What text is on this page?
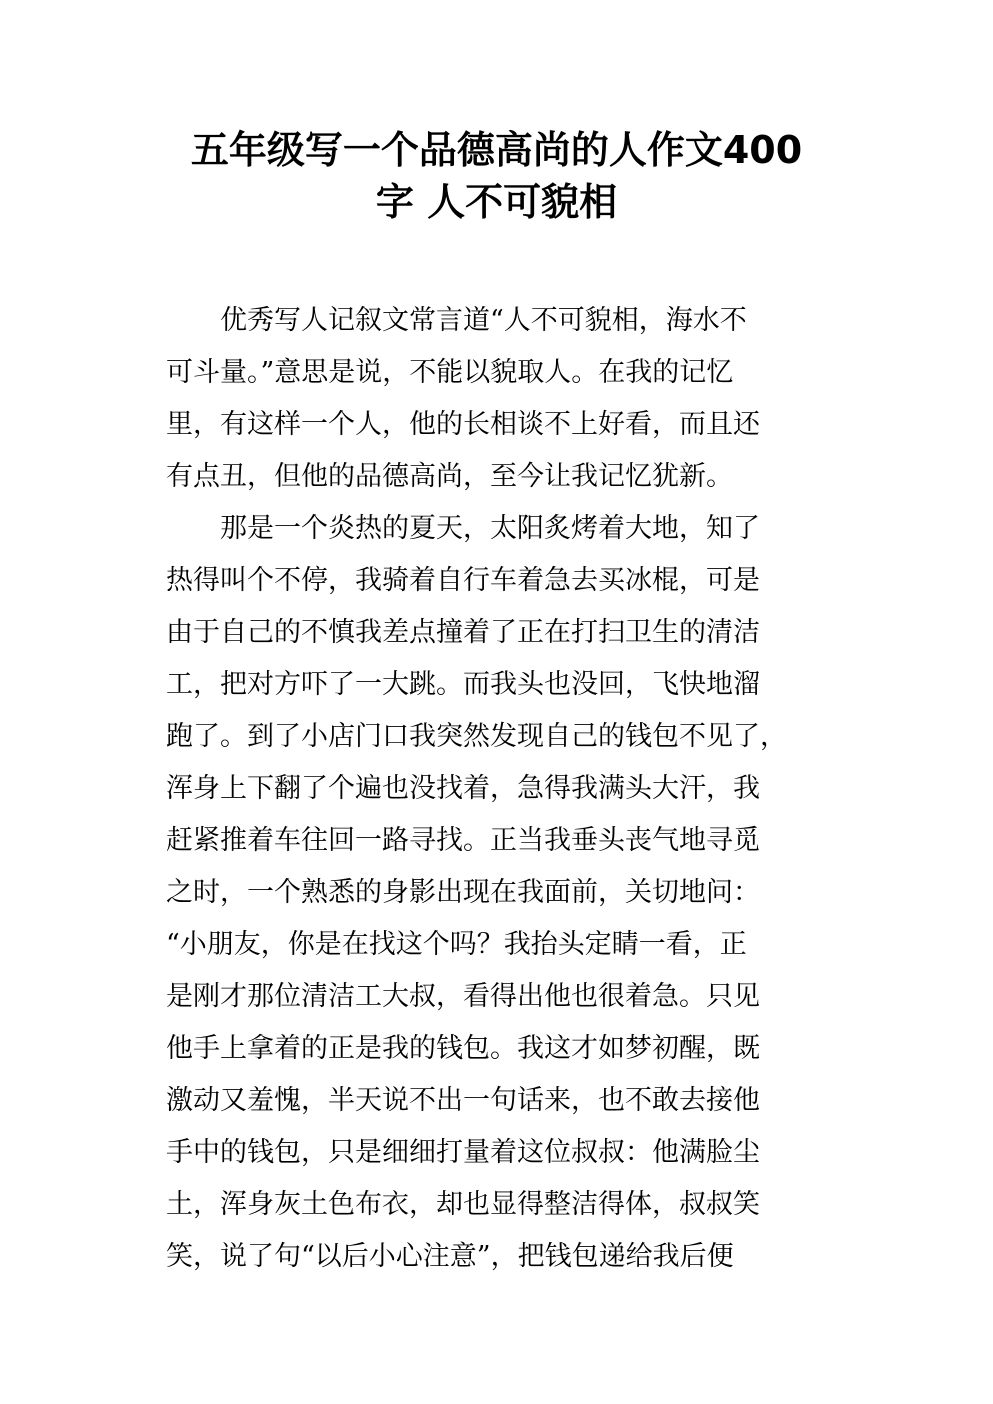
五年级写一个品德高尚的人作文400
字 人不可貌相
　　优秀写人记叙文常言道“人不可貌相，海水不
可斗量。”意思是说，不能以貌取人。在我的记忆
里，有这样一个人，他的长相谈不上好看，而且还
有点丑，但他的品德高尚，至今让我记忆犹新。
　　那是一个炎热的夏天，太阳炙烤着大地，知了
热得叫个不停，我骑着自行车着急去买冰棍，可是
由于自己的不慎我差点撞着了正在打扫卫生的清洁
工，把对方吓了一大跳。而我头也没回，飞快地溜
跑了。到了小店门口我突然发现自己的钱包不见了，
浑身上下翻了个遍也没找着，急得我满头大汗，我
赶紧推着车往回一路寻找。正当我垂头丧气地寻觅
之时，一个熟悉的身影出现在我面前，关切地问：
“小朋友，你是在找这个吗？我抬头定睛一看，正
是刚才那位清洁工大叔，看得出他也很着急。只见
他手上拿着的正是我的钱包。我这才如梦初醒，既
激动又羞愧，半天说不出一句话来，也不敢去接他
手中的钱包，只是细细打量着这位叔叔：他满脸尘
土，浑身灰土色布衣，却也显得整洁得体，叔叔笑
笑，说了句“以后小心注意”，把钱包递给我后便
